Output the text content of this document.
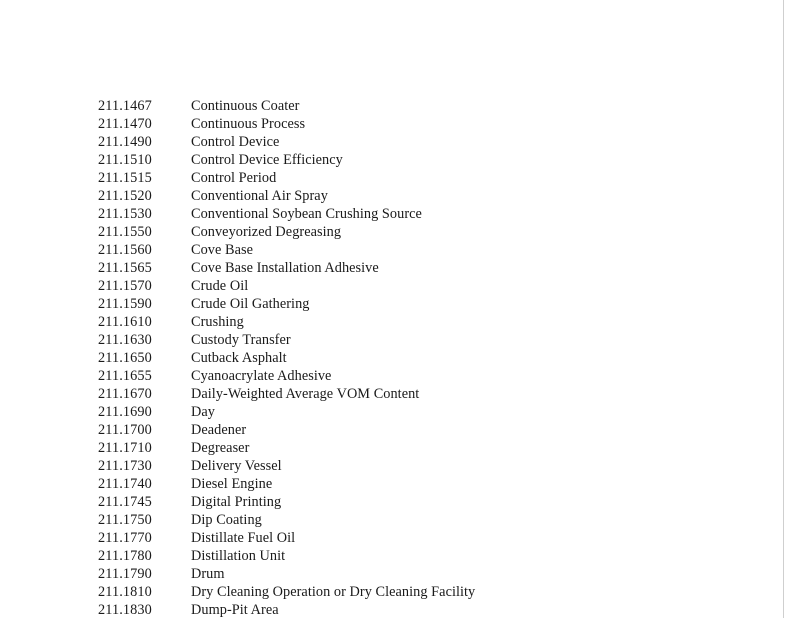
211.1467	Continuous Coater
211.1470	Continuous Process
211.1490	Control Device
211.1510	Control Device Efficiency
211.1515	Control Period
211.1520	Conventional Air Spray
211.1530	Conventional Soybean Crushing Source
211.1550	Conveyorized Degreasing
211.1560	Cove Base
211.1565	Cove Base Installation Adhesive
211.1570	Crude Oil
211.1590	Crude Oil Gathering
211.1610	Crushing
211.1630	Custody Transfer
211.1650	Cutback Asphalt
211.1655	Cyanoacrylate Adhesive
211.1670	Daily-Weighted Average VOM Content
211.1690	Day
211.1700	Deadener
211.1710	Degreaser
211.1730	Delivery Vessel
211.1740	Diesel Engine
211.1745	Digital Printing
211.1750	Dip Coating
211.1770	Distillate Fuel Oil
211.1780	Distillation Unit
211.1790	Drum
211.1810	Dry Cleaning Operation or Dry Cleaning Facility
211.1830	Dump-Pit Area
